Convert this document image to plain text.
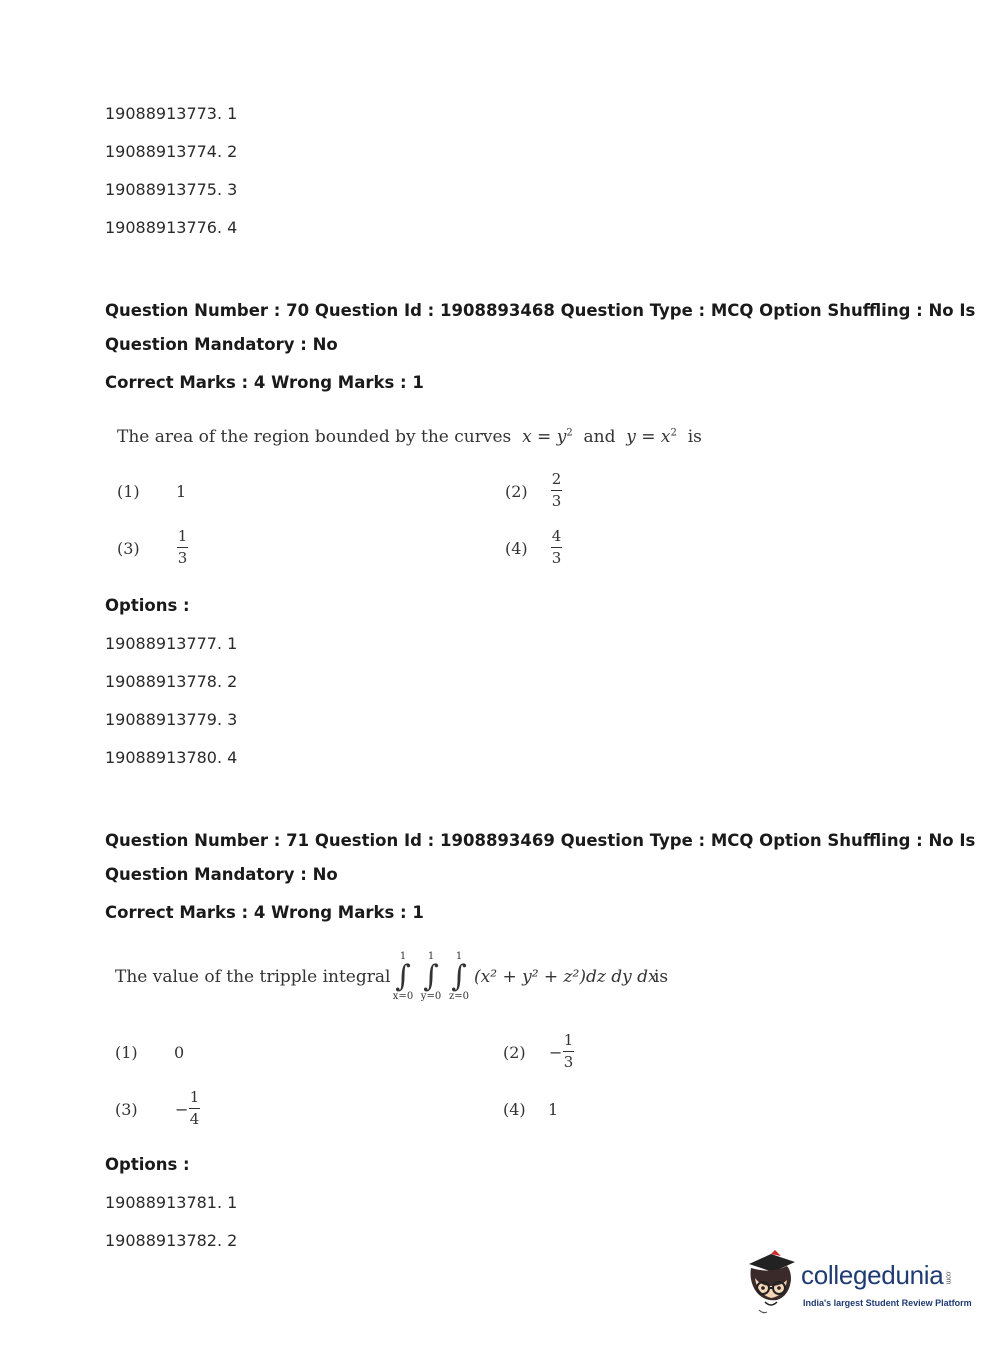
19088913773. 1
19088913774. 2
19088913775. 3
19088913776. 4
Question Number : 70 Question Id : 1908893468 Question Type : MCQ Option Shuffling : No Is
Question Mandatory : No
Correct Marks : 4 Wrong Marks : 1
The area of the region bounded by the curves $x = y^2$ and $y = x^2$ is
(1) 1	(2)
2
3
(3)
1
3
(4)
4
3
Options :
19088913777. 1
19088913778. 2
19088913779. 3
19088913780. 4
Question Number : 71 Question Id : 1908893469 Question Type : MCQ Option Shuffling : No Is
Question Mandatory : No
Correct Marks : 4 Wrong Marks : 1
The value of the tripple integral
1
∫
x=0
1
∫
y=0
1
∫
z=0
(x² + y² + z²)dz dy dx
is
(1) 0	(2) −
1
3
(3) −
1
4
(4) 1
Options :
19088913781. 1
19088913782. 2
collegedunia.com
India's largest Student Review Platform
